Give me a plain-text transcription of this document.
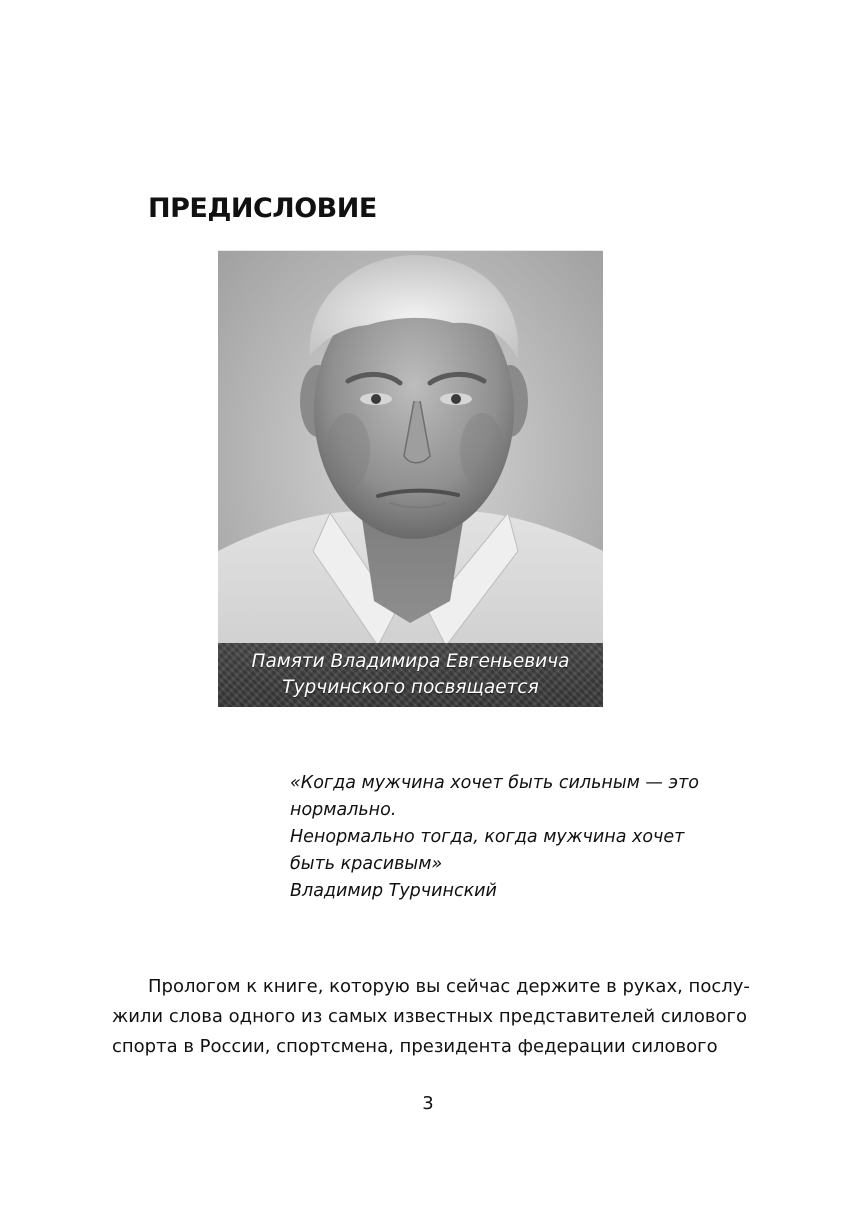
ПРЕДИСЛОВИЕ
Памяти Владимира Евгеньевича
Турчинского посвящается
«Когда мужчина хочет быть сильным — это
нормально.
Ненормально тогда, когда мужчина хочет
быть красивым»
Владимир Турчинский
Прологом к книге, которую вы сейчас держите в руках, послу-
жили слова одного из самых известных представителей силового
спорта в России, спортсмена, президента федерации силового
3
